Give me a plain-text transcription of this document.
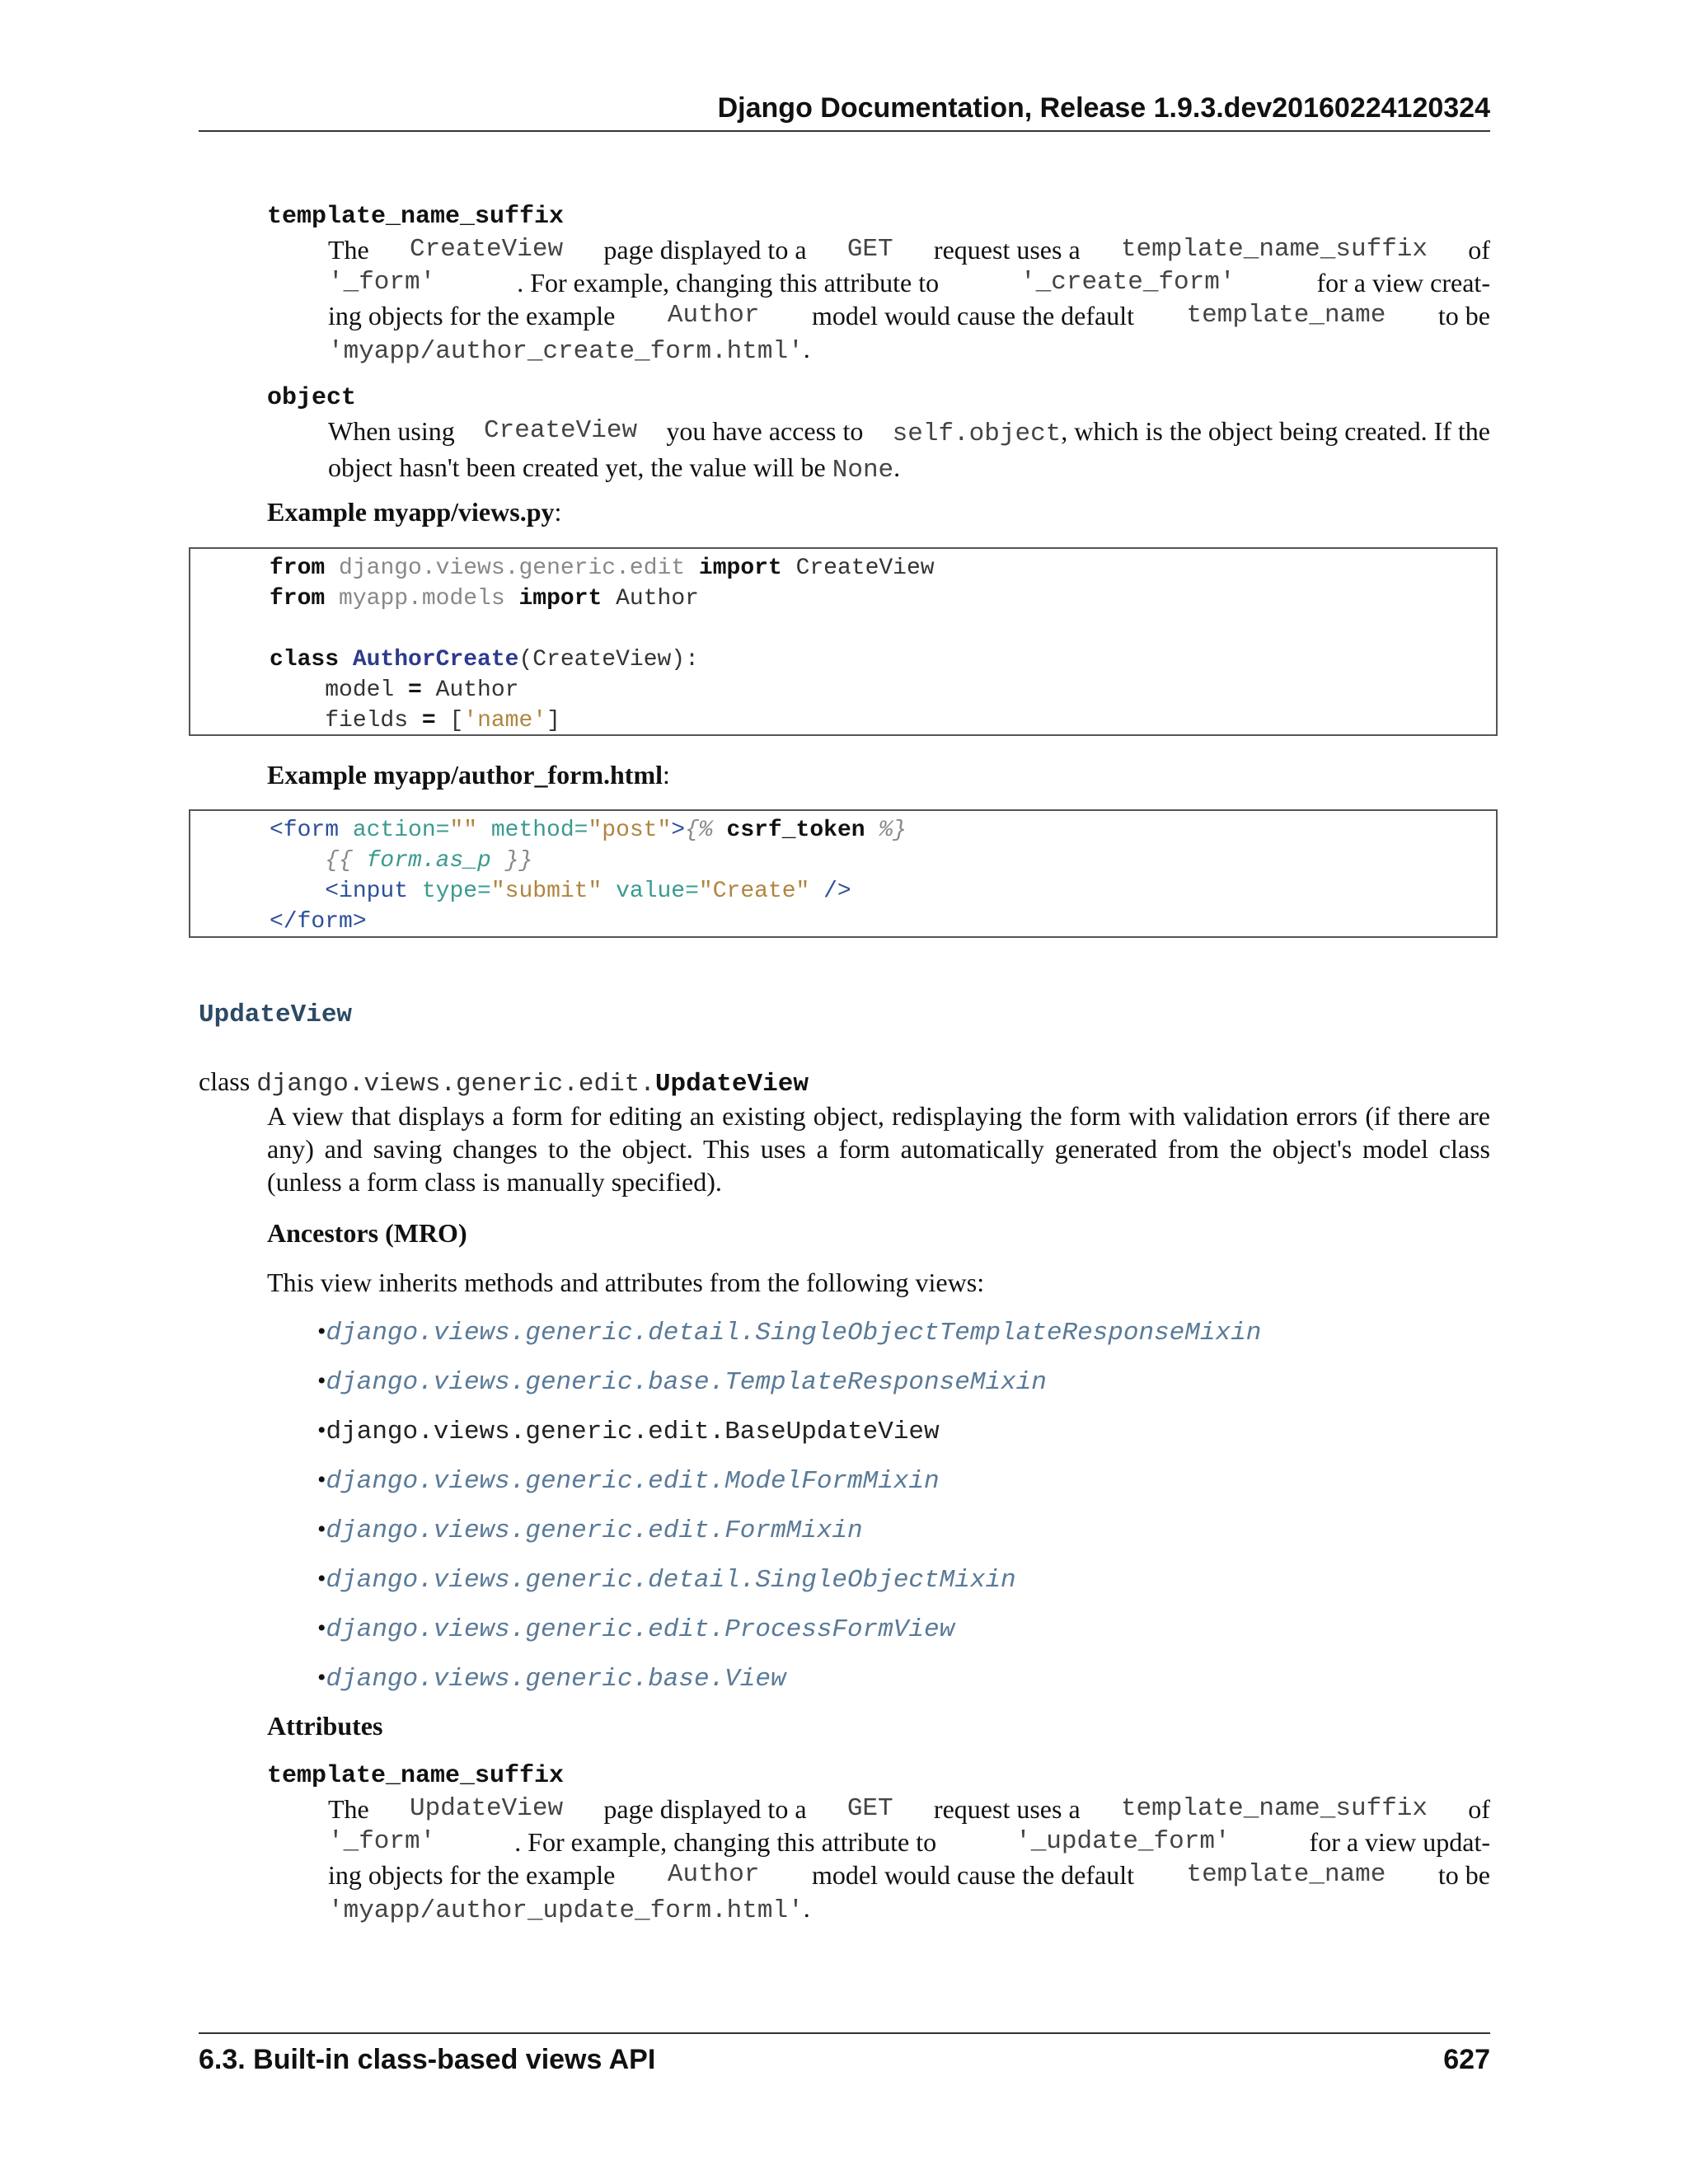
Django Documentation, Release 1.9.3.dev20160224120324
template_name_suffix
The CreateView page displayed to a GET request uses a template_name_suffix of
'_form'	. For example, changing this attribute to	'_create_form'	for a view creat-
ing objects for the example Author model would cause the default template_name to be
'myapp/author_create_form.html'.
object
When using CreateView you have access to self.object, which is the object being created. If the
object hasn't been created yet, the value will be None.
Example myapp/views.py:
from django.views.generic.edit import CreateView
from myapp.models import Author

class AuthorCreate(CreateView):
model = Author
fields = ['name']
Example myapp/author_form.html:
<form action="" method="post">{% csrf_token %}
{{ form.as_p }}
<input type="submit" value="Create" />
</form>
UpdateView
class django.views.generic.edit.UpdateView
A view that displays a form for editing an existing object, redisplaying the form with validation errors (if there are any) and saving changes to the object. This uses a form automatically generated from the object's model class (unless a form class is manually specified).
Ancestors (MRO)
This view inherits methods and attributes from the following views:
•django.views.generic.detail.SingleObjectTemplateResponseMixin
•django.views.generic.base.TemplateResponseMixin
•django.views.generic.edit.BaseUpdateView
•django.views.generic.edit.ModelFormMixin
•django.views.generic.edit.FormMixin
•django.views.generic.detail.SingleObjectMixin
•django.views.generic.edit.ProcessFormView
•django.views.generic.base.View
Attributes
template_name_suffix
The UpdateView page displayed to a GET request uses a template_name_suffix of
'_form'	. For example, changing this attribute to	'_update_form'	for a view updat-
ing objects for the example Author model would cause the default template_name to be
'myapp/author_update_form.html'.
6.3. Built-in class-based views API	627
